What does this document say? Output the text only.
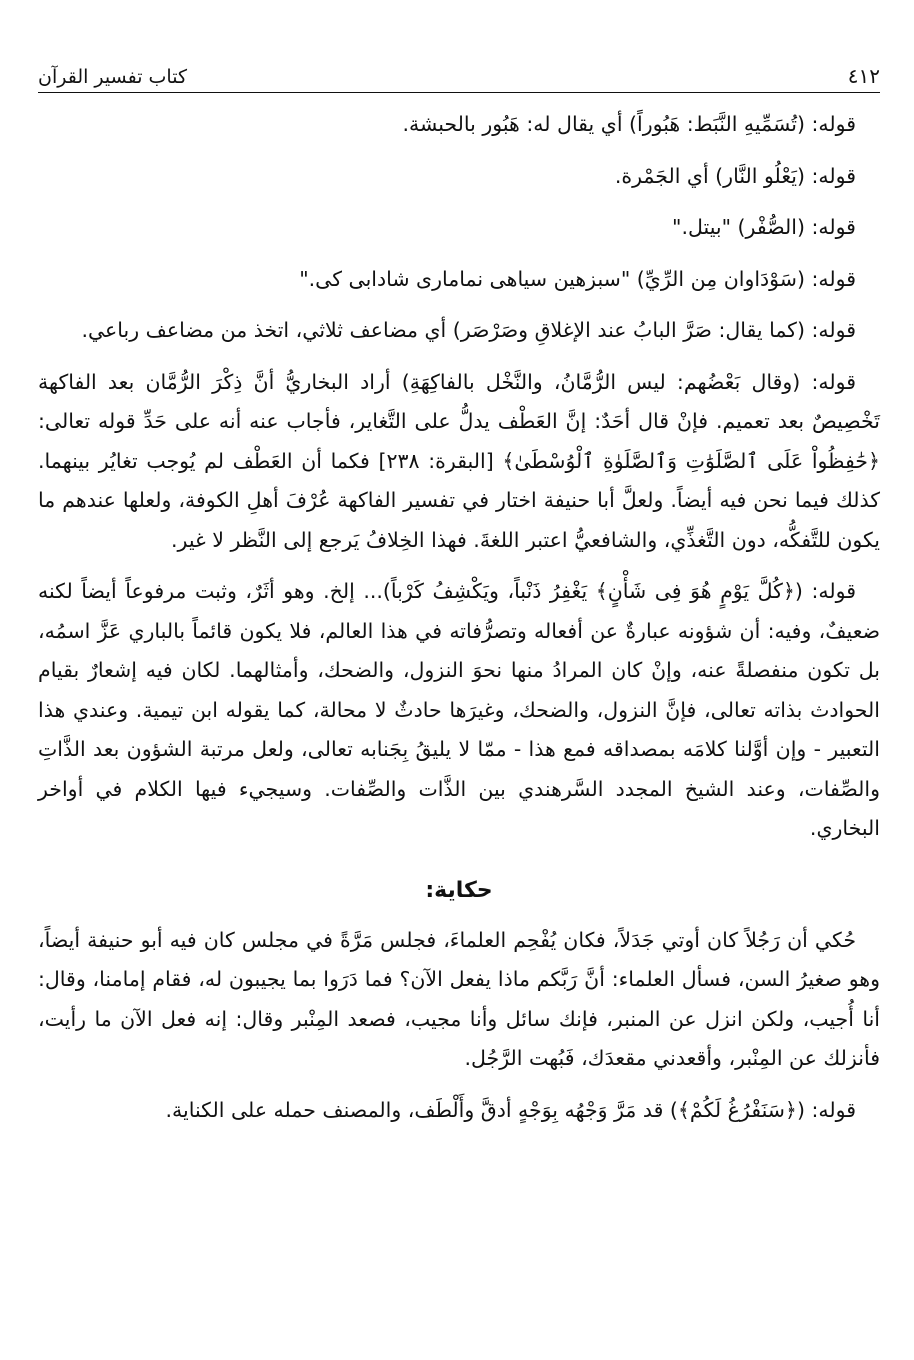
٤١٢
كتاب تفسير القرآن

قوله: (تُسَمِّيهِ النَّبَط: هَبُوراً) أي يقال له: هَبُور بالحبشة.

قوله: (يَعْلُو النَّار) أي الجَمْرة.

قوله: (الصُّفْر) "بيتل."

قوله: (سَوْدَاوان مِن الرِّيِّ) "سبزهين سياهى نمامارى شادابى كى."

قوله: (كما يقال: صَرَّ البابُ عند الإغلاقِ وصَرْصَر) أي مضاعف ثلاثي، اتخذ من مضاعف رباعي.

قوله: (وقال بَعْضُهم: ليس الرُّمَّانُ، والنَّخْل بالفاكِهَةِ) أراد البخاريُّ أنَّ ذِكْرَ الرُّمَّان بعد الفاكهة تَخْصِيصٌ بعد تعميم. فإنْ قال أحَدٌ: إنَّ العَطْف يدلُّ على التَّغاير، فأجاب عنه أنه على حَدِّ قوله تعالى: ﴿حَٰفِظُواْ عَلَى ٱلصَّلَوَٰتِ وَٱلصَّلَوٰةِ ٱلْوُسْطَىٰ﴾ [البقرة: ٢٣٨] فكما أن العَطْف لم يُوجب تغايُر بينهما. كذلك فيما نحن فيه أيضاً. ولعلَّ أبا حنيفة اختار في تفسير الفاكهة عُرْفَ أهلِ الكوفة، ولعلها عندهم ما يكون للتَّفكُّه، دون التَّغذِّي، والشافعيُّ اعتبر اللغةَ. فهذا الخِلافُ يَرجع إلى النَّظر لا غير.

قوله: (﴿كُلَّ يَوْمٍ هُوَ فِى شَأْنٍ﴾ يَغْفِرُ ذَنْباً، ويَكْشِفُ كَرْباً)... إلخ. وهو أثَرٌ، وثبت مرفوعاً أيضاً لكنه ضعيفٌ، وفيه: أن شؤونه عبارةٌ عن أفعاله وتصرُّفاته في هذا العالم، فلا يكون قائماً بالباري عَزَّ اسمُه، بل تكون منفصلةً عنه، وإنْ كان المرادُ منها نحوَ النزول، والضحك، وأمثالهما. لكان فيه إشعارٌ بقيام الحوادث بذاته تعالى، فإنَّ النزول، والضحك، وغيرَها حادثٌ لا محالة، كما يقوله ابن تيمية. وعندي هذا التعبير - وإن أوَّلنا كلامَه بمصداقه فمع هذا - ممّا لا يليقُ بِجَنابه تعالى، ولعل مرتبة الشؤون بعد الذَّاتِ والصِّفات، وعند الشيخ المجدد السَّرهندي بين الذَّات والصِّفات. وسيجيء فيها الكلام في أواخر البخاري.

حكاية:

حُكي أن رَجُلاً كان أوتي جَدَلاً، فكان يُفْحِم العلماءَ، فجلس مَرَّةً في مجلس كان فيه أبو حنيفة أيضاً، وهو صغيرُ السن، فسأل العلماء: أنَّ رَبَّكم ماذا يفعل الآن؟ فما دَرَوا بما يجيبون له، فقام إمامنا، وقال: أنا أُجيب، ولكن انزل عن المنبر، فإنك سائل وأنا مجيب، فصعد المِنْبر وقال: إنه فعل الآن ما رأيت، فأنزلك عن المِنْبر، وأقعدني مقعدَك، فَبُهت الرَّجُل.

قوله: (﴿سَنَفْرُغُ لَكُمْ﴾) قد مَرَّ وَجْهُه بِوَجْهٍ أدقَّ وأَلْطَف، والمصنف حمله على الكناية.
